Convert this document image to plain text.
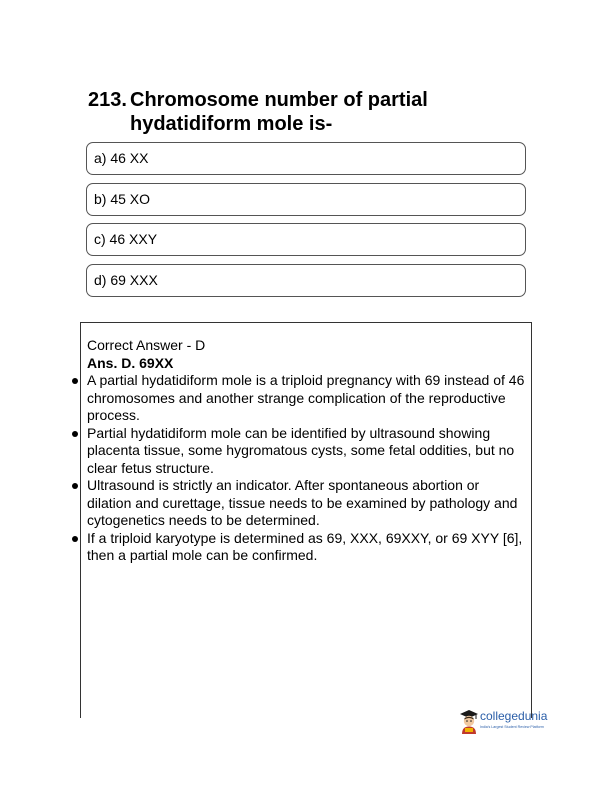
213. Chromosome number of partial hydatidiform mole is-
a) 46 XX
b) 45 XO
c) 46 XXY
d) 69 XXX

Correct Answer - D

Ans. D. 69XX

A partial hydatidiform mole is a triploid pregnancy with 69 instead of 46 chromosomes and another strange complication of the reproductive process.
Partial hydatidiform mole can be identified by ultrasound showing placenta tissue, some hygromatous cysts, some fetal oddities, but no clear fetus structure.
Ultrasound is strictly an indicator. After spontaneous abortion or dilation and curettage, tissue needs to be examined by pathology and cytogenetics needs to be determined.
If a triploid karyotype is determined as 69, XXX, 69XXY, or 69 XYY [6], then a partial mole can be confirmed.
collegedunia
India's Largest Student Review Platform
